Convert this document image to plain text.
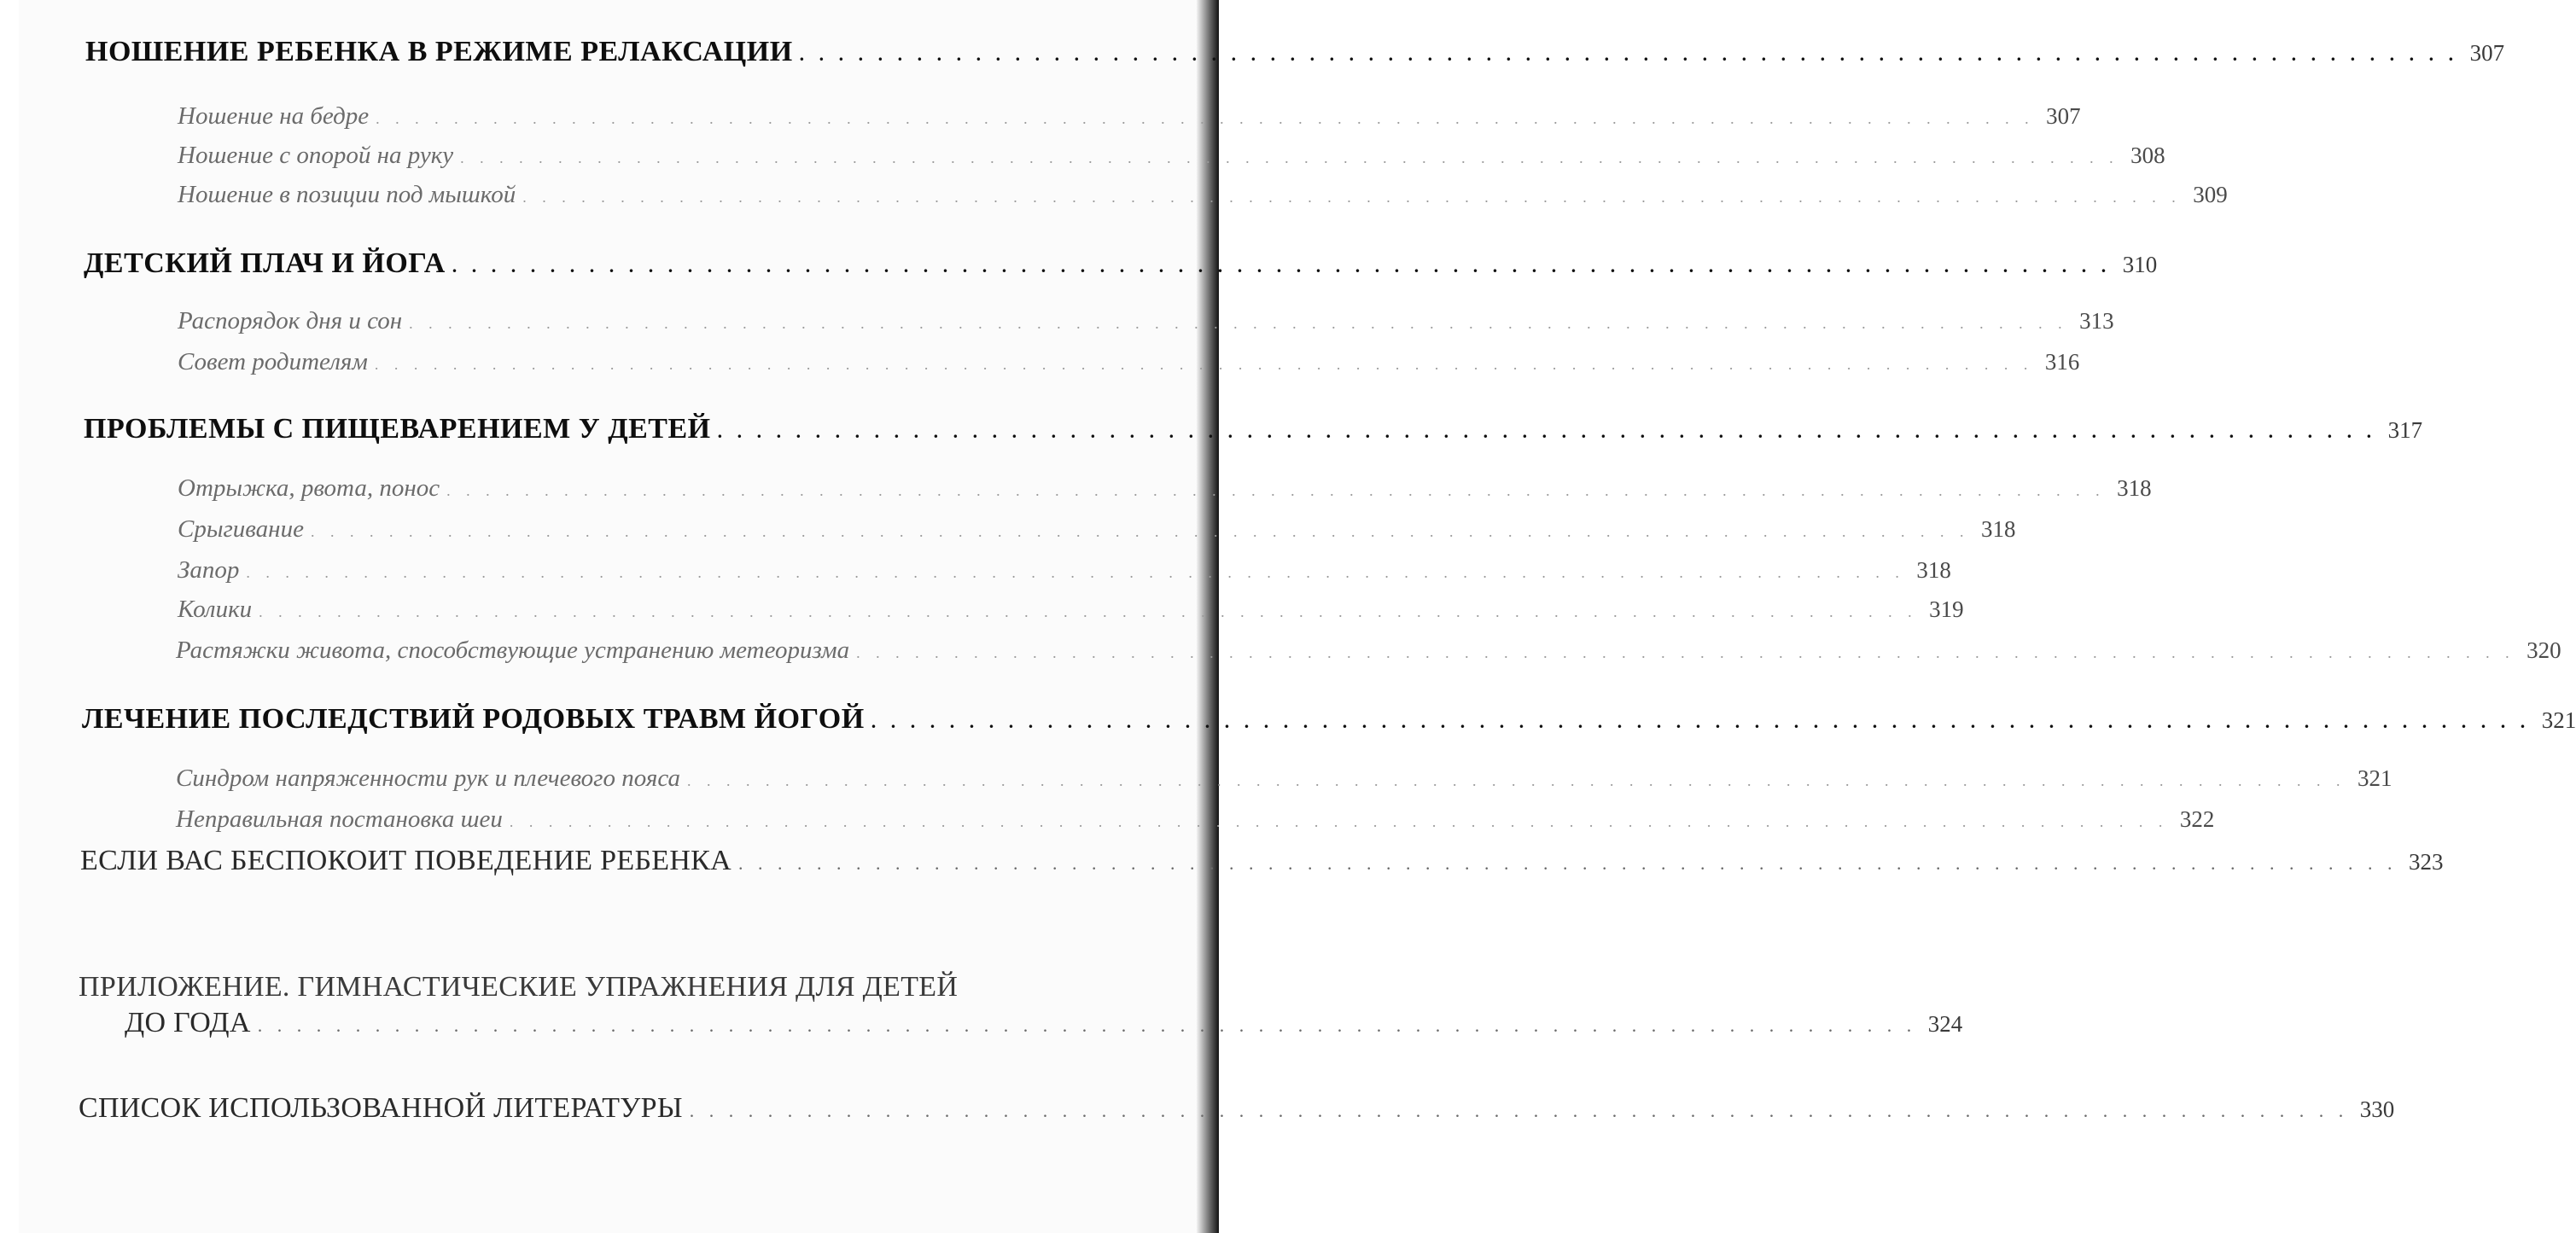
НОШЕНИЕ РЕБЕНКА В РЕЖИМЕ РЕЛАКСАЦИИ . . . . . . . . . . . . . . . . . . . . . . . . . . . . . . . . . . . . . . . . . . . . . . . . . . . . . . . . . . . . . . . . . . . . . . . . . . . . . . . . . . . . . 307
Ношение на бедре . . . . . . . . . . . . . . . . . . . . . . . . . . . . . . . . . . . . . . . . . . . . . . . . . . . . . . . . . . . . . . . . . . . . . . . . . . . . . . . . . . . . . 307
Ношение с опорой на руку . . . . . . . . . . . . . . . . . . . . . . . . . . . . . . . . . . . . . . . . . . . . . . . . . . . . . . . . . . . . . . . . . . . . . . . . . . . . . . . . . . . . . 308
Ношение в позиции под мышкой . . . . . . . . . . . . . . . . . . . . . . . . . . . . . . . . . . . . . . . . . . . . . . . . . . . . . . . . . . . . . . . . . . . . . . . . . . . . . . . . . . . . . 309
ДЕТСКИЙ ПЛАЧ И ЙОГА . . . . . . . . . . . . . . . . . . . . . . . . . . . . . . . . . . . . . . . . . . . . . . . . . . . . . . . . . . . . . . . . . . . . . . . . . . . . . . . . . . . . . 310
Распорядок дня и сон . . . . . . . . . . . . . . . . . . . . . . . . . . . . . . . . . . . . . . . . . . . . . . . . . . . . . . . . . . . . . . . . . . . . . . . . . . . . . . . . . . . . . 313
Совет родителям . . . . . . . . . . . . . . . . . . . . . . . . . . . . . . . . . . . . . . . . . . . . . . . . . . . . . . . . . . . . . . . . . . . . . . . . . . . . . . . . . . . . . 316
ПРОБЛЕМЫ С ПИЩЕВАРЕНИЕМ У ДЕТЕЙ . . . . . . . . . . . . . . . . . . . . . . . . . . . . . . . . . . . . . . . . . . . . . . . . . . . . . . . . . . . . . . . . . . . . . . . . . . . . . . . . . . . . . 317
Отрыжка, рвота, понос . . . . . . . . . . . . . . . . . . . . . . . . . . . . . . . . . . . . . . . . . . . . . . . . . . . . . . . . . . . . . . . . . . . . . . . . . . . . . . . . . . . . . 318
Срыгивание . . . . . . . . . . . . . . . . . . . . . . . . . . . . . . . . . . . . . . . . . . . . . . . . . . . . . . . . . . . . . . . . . . . . . . . . . . . . . . . . . . . . . 318
Запор . . . . . . . . . . . . . . . . . . . . . . . . . . . . . . . . . . . . . . . . . . . . . . . . . . . . . . . . . . . . . . . . . . . . . . . . . . . . . . . . . . . . . 318
Колики . . . . . . . . . . . . . . . . . . . . . . . . . . . . . . . . . . . . . . . . . . . . . . . . . . . . . . . . . . . . . . . . . . . . . . . . . . . . . . . . . . . . . 319
Растяжки живота, способствующие устранению метеоризма . . . . . . . . . . . . . . . . . . . . . . . . . . . . . . . . . . . . . . . . . . . . . . . . . . . . . . . . . . . . . . . . . . . . . . . . . . . . . . . . . . . . . 320
ЛЕЧЕНИЕ ПОСЛЕДСТВИЙ РОДОВЫХ ТРАВМ ЙОГОЙ . . . . . . . . . . . . . . . . . . . . . . . . . . . . . . . . . . . . . . . . . . . . . . . . . . . . . . . . . . . . . . . . . . . . . . . . . . . . . . . . . . . . . 321
Синдром напряженности рук и плечевого пояса . . . . . . . . . . . . . . . . . . . . . . . . . . . . . . . . . . . . . . . . . . . . . . . . . . . . . . . . . . . . . . . . . . . . . . . . . . . . . . . . . . . . . 321
Неправильная постановка шеи . . . . . . . . . . . . . . . . . . . . . . . . . . . . . . . . . . . . . . . . . . . . . . . . . . . . . . . . . . . . . . . . . . . . . . . . . . . . . . . . . . . . . 322
ЕСЛИ ВАС БЕСПОКОИТ ПОВЕДЕНИЕ РЕБЕНКА . . . . . . . . . . . . . . . . . . . . . . . . . . . . . . . . . . . . . . . . . . . . . . . . . . . . . . . . . . . . . . . . . . . . . . . . . . . . . . . . . . . . . 323
ПРИЛОЖЕНИЕ. ГИМНАСТИЧЕСКИЕ УПРАЖНЕНИЯ ДЛЯ ДЕТЕЙ
ДО ГОДА . . . . . . . . . . . . . . . . . . . . . . . . . . . . . . . . . . . . . . . . . . . . . . . . . . . . . . . . . . . . . . . . . . . . . . . . . . . . . . . . . . . . . 324
СПИСОК ИСПОЛЬЗОВАННОЙ ЛИТЕРАТУРЫ . . . . . . . . . . . . . . . . . . . . . . . . . . . . . . . . . . . . . . . . . . . . . . . . . . . . . . . . . . . . . . . . . . . . . . . . . . . . . . . . . . . . . 330
